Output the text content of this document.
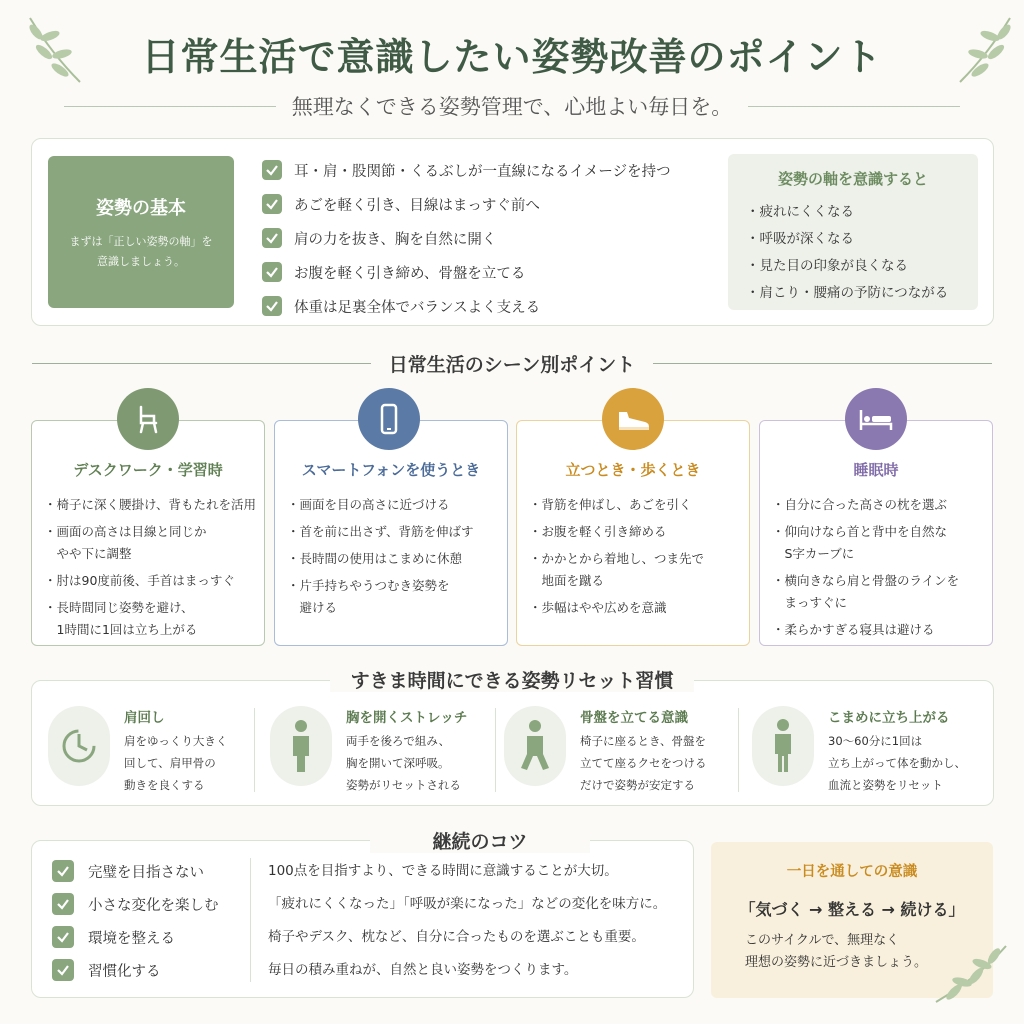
日常生活で意識したい姿勢改善のポイント
無理なくできる姿勢管理で、心地よい毎日を。
姿勢の基本

まずは「正しい姿勢の軸」を
意識しましょう。

耳・肩・股関節・くるぶしが一直線になるイメージを持つ
あごを軽く引き、目線はまっすぐ前へ
肩の力を抜き、胸を自然に開く
お腹を軽く引き締め、骨盤を立てる
体重は足裏全体でバランスよく支える
姿勢の軸を意識すると
・疲れにくくなる
・呼吸が深くなる
・見た目の印象が良くなる
・肩こり・腰痛の予防につながる
日常生活のシーン別ポイント
デスクワーク・学習時
・椅子に深く腰掛け、背もたれを活用
・画面の高さは目線と同じか
　やや下に調整
・肘は90度前後、手首はまっすぐ
・長時間同じ姿勢を避け、
　1時間に1回は立ち上がる
スマートフォンを使うとき
・画面を目の高さに近づける
・首を前に出さず、背筋を伸ばす
・長時間の使用はこまめに休憩
・片手持ちやうつむき姿勢を
　避ける
立つとき・歩くとき
・背筋を伸ばし、あごを引く
・お腹を軽く引き締める
・かかとから着地し、つま先で
　地面を蹴る
・歩幅はやや広めを意識
睡眠時
・自分に合った高さの枕を選ぶ
・仰向けなら首と背中を自然な
　S字カーブに
・横向きなら肩と骨盤のラインを
　まっすぐに
・柔らかすぎる寝具は避ける
すきま時間にできる姿勢リセット習慣
肩回し

肩をゆっくり大きく
回して、肩甲骨の
動きを良くする

胸を開くストレッチ

両手を後ろで組み、
胸を開いて深呼吸。
姿勢がリセットされる

骨盤を立てる意識

椅子に座るとき、骨盤を
立てて座るクセをつける
だけで姿勢が安定する

こまめに立ち上がる

30〜60分に1回は
立ち上がって体を動かし、
血流と姿勢をリセット

継続のコツ
完璧を目指さない
小さな変化を楽しむ
環境を整える
習慣化する
100点を目指すより、できる時間に意識することが大切。
「疲れにくくなった」「呼吸が楽になった」などの変化を味方に。
椅子やデスク、枕など、自分に合ったものを選ぶことも重要。
毎日の積み重ねが、自然と良い姿勢をつくります。
一日を通しての意識
「気づく → 整える → 続ける」
このサイクルで、無理なく
理想の姿勢に近づきましょう。
